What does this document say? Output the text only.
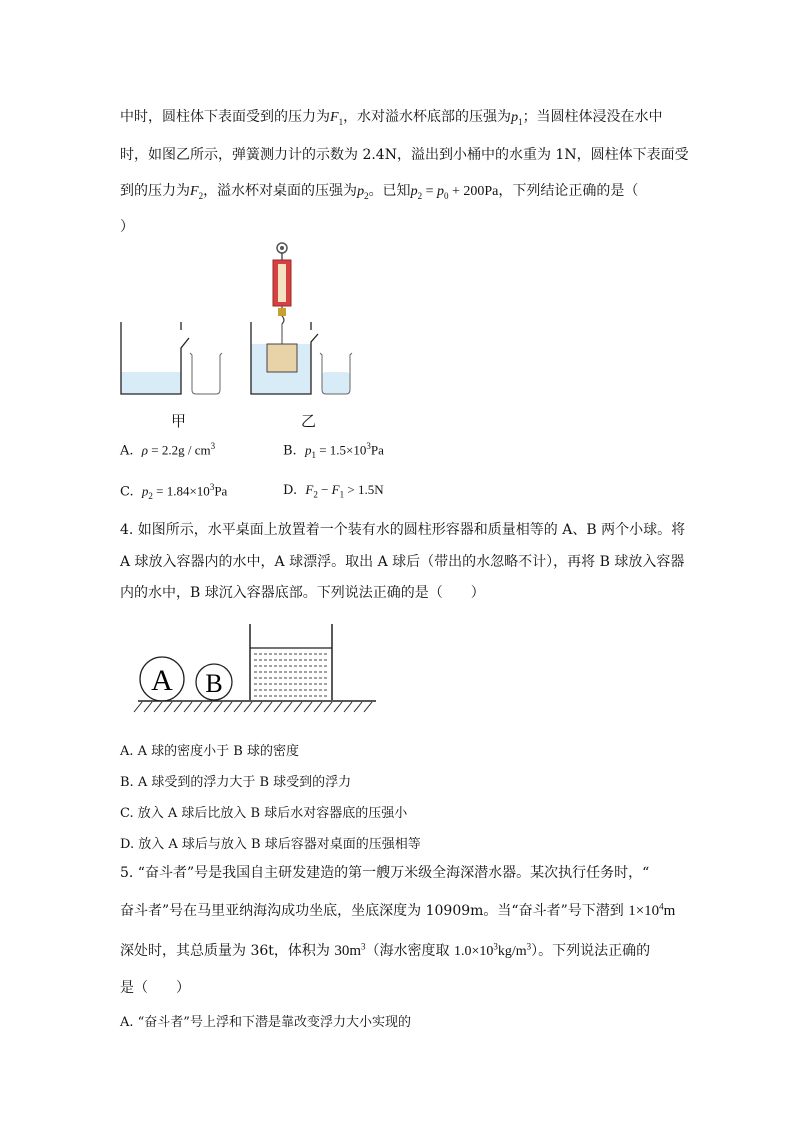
中时，圆柱体下表面受到的压力为$F_1$，水对溢水杯底部的压强为$p_1$；当圆柱体浸没在水中
时，如图乙所示，弹簧测力计的示数为 2.4N，溢出到小桶中的水重为 1N，圆柱体下表面受
到的压力为$F_2$，溢水杯对桌面的压强为$p_2$。已知$p_2 = p_0 + 200Pa$，下列结论正确的是（
）
甲	乙
A. $\rho = 2.2g / cm^3$	B. $p_1 = 1.5\times 10^3Pa$
C. $p_2 = 1.84\times 10^3Pa$	D. $F_2 - F_1 > 1.5N$
4. 如图所示，水平桌面上放置着一个装有水的圆柱形容器和质量相等的 A、B 两个小球。将
A 球放入容器内的水中，A 球漂浮。取出 A 球后（带出的水忽略不计），再将 B 球放入容器
内的水中，B 球沉入容器底部。下列说法正确的是（　　）
A B
A. A 球的密度小于 B 球的密度
B. A 球受到的浮力大于 B 球受到的浮力
C. 放入 A 球后比放入 B 球后水对容器底的压强小
D. 放入 A 球后与放入 B 球后容器对桌面的压强相等
5. “奋斗者”号是我国自主研发建造的第一艘万米级全海深潜水器。某次执行任务时，“
奋斗者”号在马里亚纳海沟成功坐底，坐底深度为 10909m。当“奋斗者”号下潜到 $1\times 10^4m$
深处时，其总质量为 36t，体积为 $30m^3$（海水密度取 $1.0\times 10^3kg/m^3$）。下列说法正确的
是（　　）
A. “奋斗者”号上浮和下潜是靠改变浮力大小实现的
